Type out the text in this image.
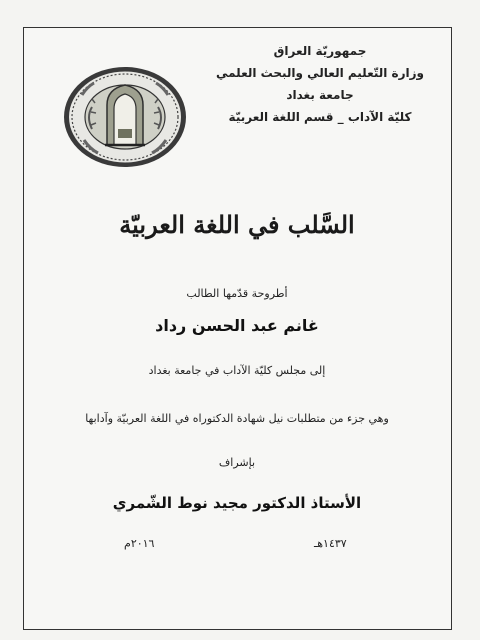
جمهوريّة العراق
وزارة التّعليم العالي والبحث العلمي
جامعة بغداد
كليّة الآداب _ قسم اللغة العربيّة
السَّلب في اللغة العربيّة
أطروحة قدّمها الطالب
غانم عبد الحسن رداد
إلى مجلس كليّة الآداب في جامعة بغداد
وهي جزء من متطلبات نيل شهادة الدكتوراه في اللغة العربيّة وآدابها
بإشراف
الأستاذ الدكتور مجيد نوط الشّمري
١٤٣٧هـ
٢٠١٦م
